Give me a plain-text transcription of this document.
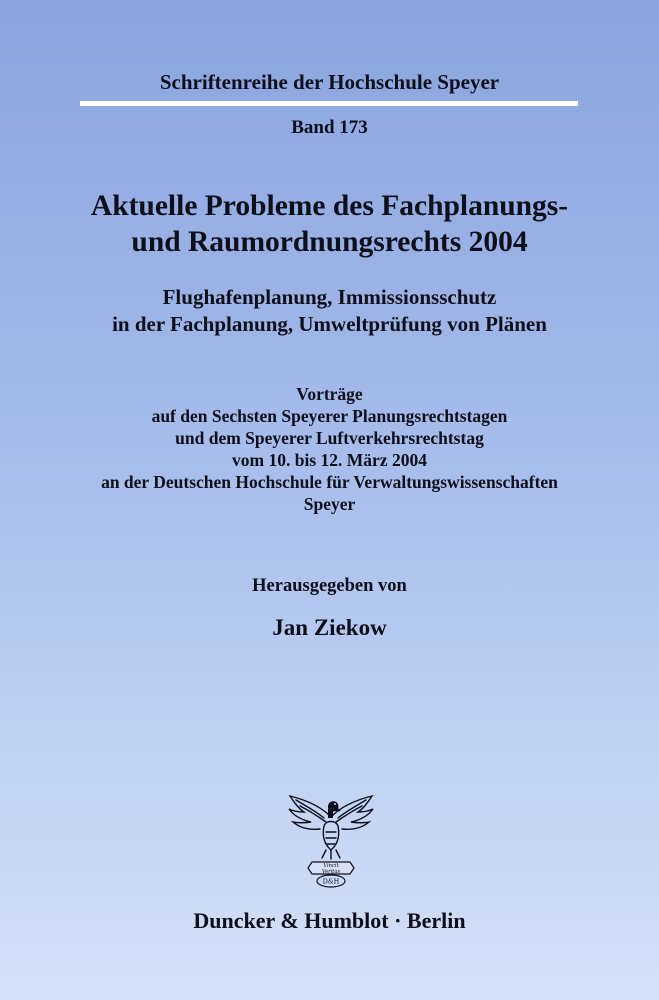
Schriftenreihe der Hochschule Speyer
Band 173
Aktuelle Probleme des Fachplanungs-
und Raumordnungsrechts 2004
Flughafenplanung, Immissionsschutz
in der Fachplanung, Umweltprüfung von Plänen
Vorträge
auf den Sechsten Speyerer Planungsrechtstagen
und dem Speyerer Luftverkehrsrechtstag
vom 10. bis 12. März 2004
an der Deutschen Hochschule für Verwaltungswissenschaften
Speyer
Herausgegeben von
Jan Ziekow
Vincit
Veritas
D&H
Duncker & Humblot · Berlin
